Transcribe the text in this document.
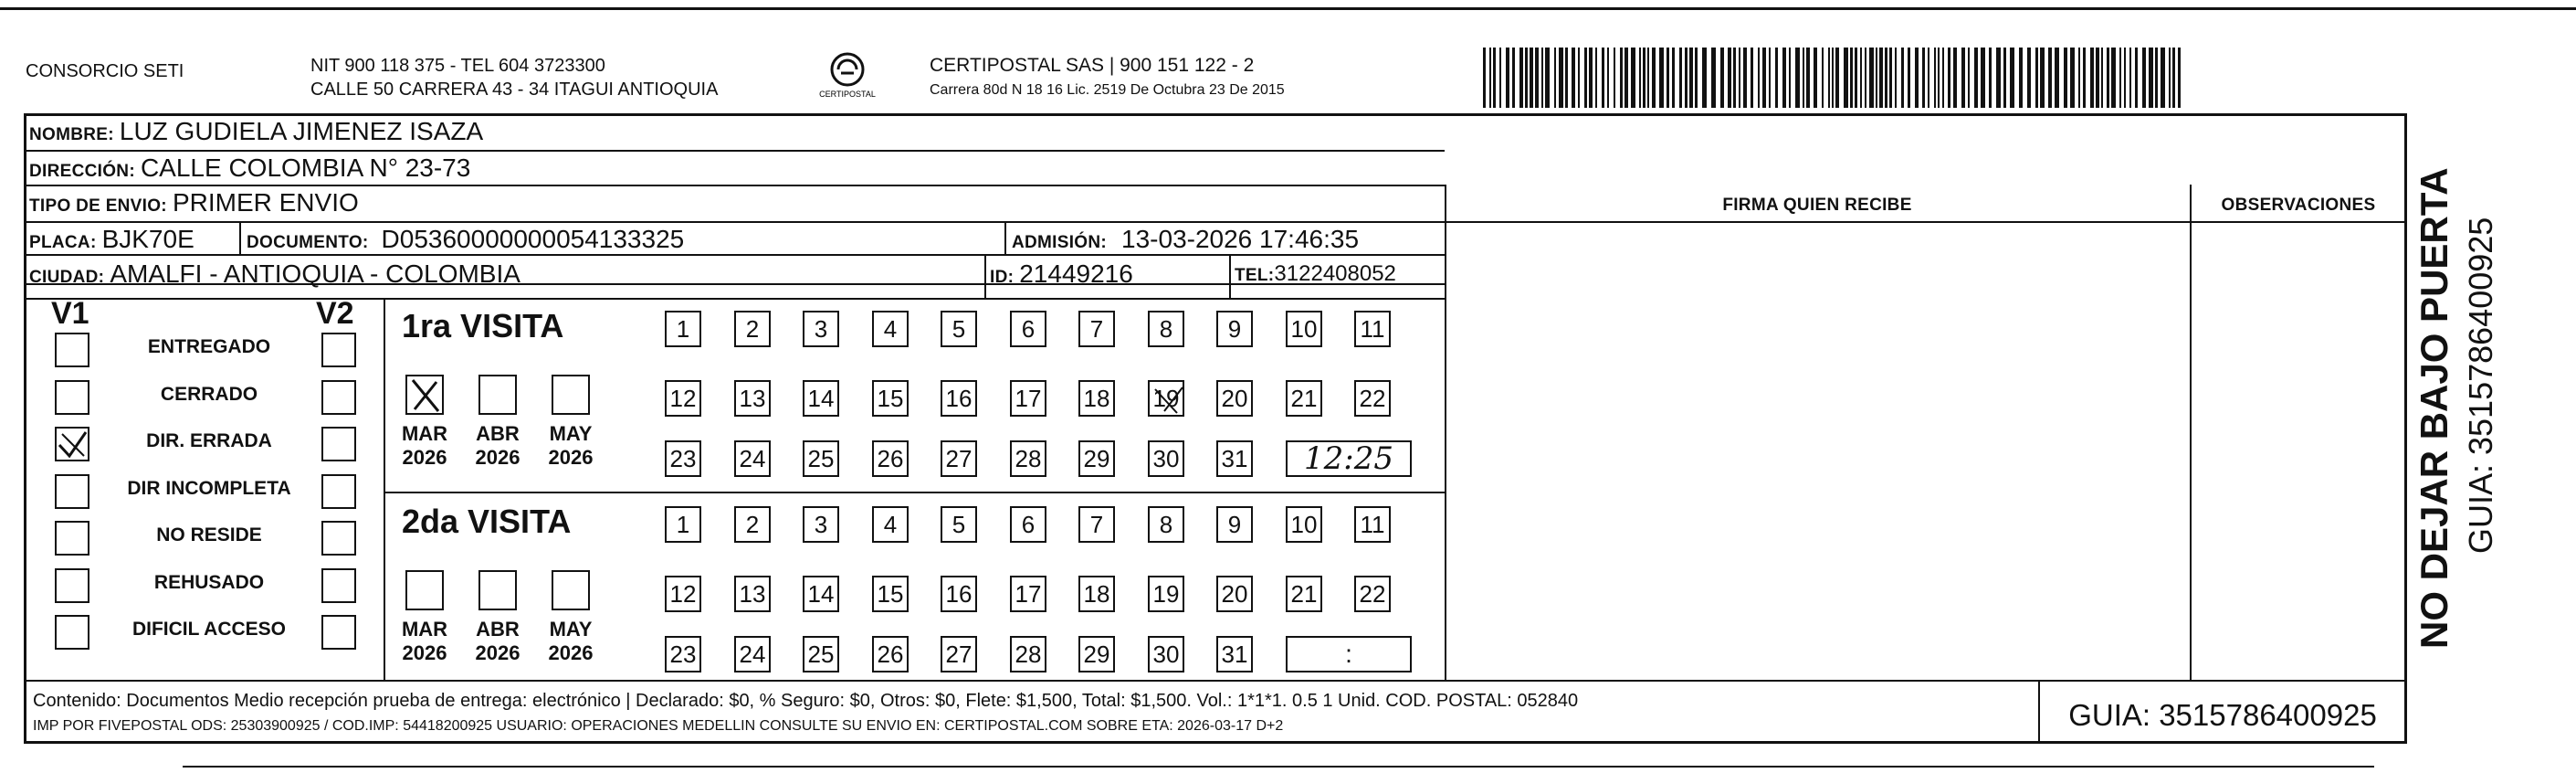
CONSORCIO SETI	NIT 900 118 375 - TEL 604 3723300
CALLE 50 CARRERA 43 - 34 ITAGUI ANTIOQUIA	CERTIPOSTAL
CERTIPOSTAL SAS | 900 151 122 - 2
Carrera 80d N 18 16 Lic. 2519 De Octubra 23 De 2015
NOMBRE: LUZ GUDIELA JIMENEZ ISAZA
DIRECCIÓN: CALLE COLOMBIA N° 23-73
TIPO DE ENVIO: PRIMER ENVIO	FIRMA QUIEN RECIBE	OBSERVACIONES
PLACA: BJK70E	DOCUMENTO: D05360000000054133325	ADMISIÓN: 13-03-2026 17:46:35
CIUDAD: AMALFI - ANTIOQUIA - COLOMBIA	ID: 21449216	TEL: 3122408052
V1	V2
ENTREGADO
CERRADO
DIR. ERRADA
DIR INCOMPLETA
NO RESIDE
REHUSADO
DIFICIL ACCESO
1ra VISITA
2da VISITA
MAR
2026
ABR
2026
MAY
2026
1	2	3	4	5	6	7	8	9	10 11
12 13 14 15 16 17 18 19 20 21 22
23 24 25 26 27 28 29 30 31	12:25
MAR
2026
ABR
2026
MAY
2026
1	2	3	4	5	6	7	8	9	10 11
12 13 14 15 16 17 18 19 20 21 22
23 24 25 26 27 28 29 30 31	:
Contenido: Documentos Medio recepción prueba de entrega: electrónico | Declarado: $0, % Seguro: $0, Otros: $0, Flete: $1,500, Total: $1,500. Vol.: 1*1*1. 0.5 1 Unid. COD. POSTAL: 052840
IMP POR FIVEPOSTAL ODS: 25303900925 / COD.IMP: 54418200925 USUARIO: OPERACIONES MEDELLIN CONSULTE SU ENVIO EN: CERTIPOSTAL.COM SOBRE ETA: 2026-03-17 D+2	GUIA: 3515786400925
NO DEJAR BAJO PUERTA GUIA: 3515786400925
